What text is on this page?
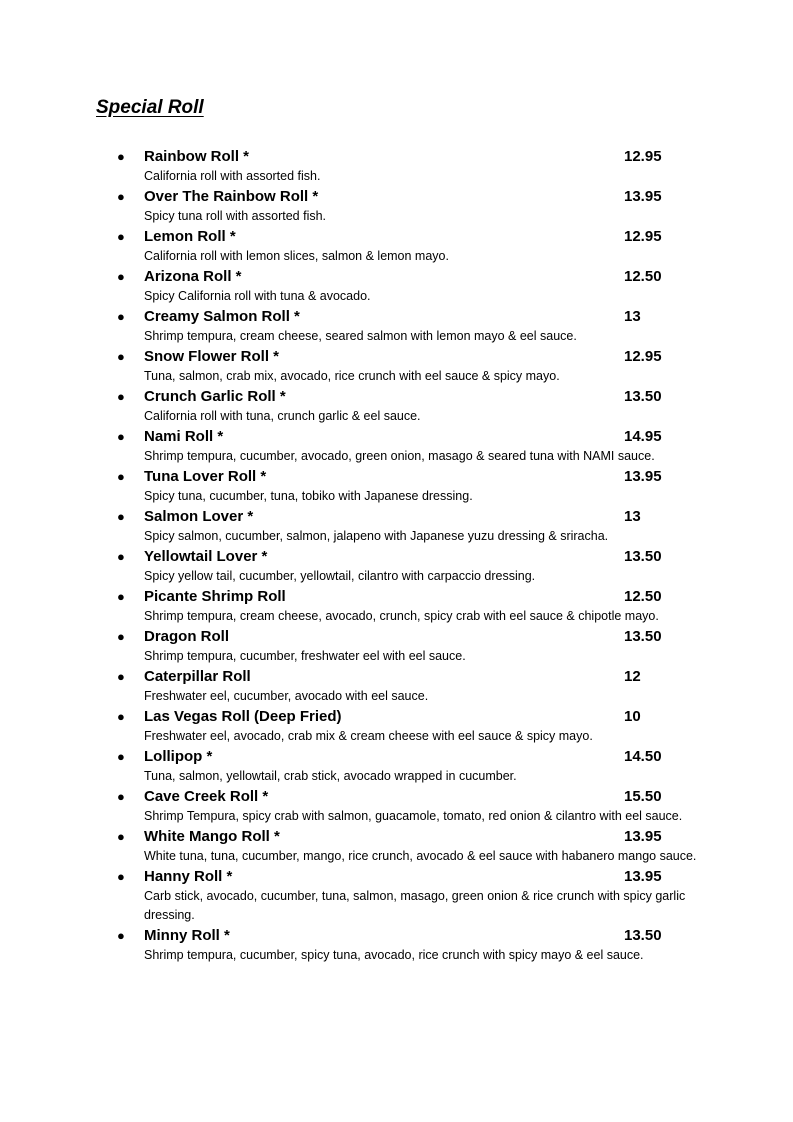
Special Roll
● Rainbow Roll *	12.95
California roll with assorted fish.
● Over The Rainbow Roll *	13.95
Spicy tuna roll with assorted fish.
● Lemon Roll *	12.95
California roll with lemon slices, salmon & lemon mayo.
● Arizona Roll *	12.50
Spicy California roll with tuna & avocado.
● Creamy Salmon Roll *	13
Shrimp tempura, cream cheese, seared salmon with lemon mayo & eel sauce.
● Snow Flower Roll *	12.95
Tuna, salmon, crab mix, avocado, rice crunch with eel sauce & spicy mayo.
● Crunch Garlic Roll *	13.50
California roll with tuna, crunch garlic & eel sauce.
● Nami Roll *	14.95
Shrimp tempura, cucumber, avocado, green onion, masago & seared tuna with NAMI sauce.
● Tuna Lover Roll *	13.95
Spicy tuna, cucumber, tuna, tobiko with Japanese dressing.
● Salmon Lover *	13
Spicy salmon, cucumber, salmon, jalapeno with Japanese yuzu dressing & sriracha.
● Yellowtail Lover *	13.50
Spicy yellow tail, cucumber, yellowtail, cilantro with carpaccio dressing.
● Picante Shrimp Roll	12.50
Shrimp tempura, cream cheese, avocado, crunch, spicy crab with eel sauce & chipotle mayo.
● Dragon Roll	13.50
Shrimp tempura, cucumber, freshwater eel with eel sauce.
● Caterpillar Roll	12
Freshwater eel, cucumber, avocado with eel sauce.
● Las Vegas Roll (Deep Fried)	10
Freshwater eel, avocado, crab mix & cream cheese with eel sauce & spicy mayo.
● Lollipop *	14.50
Tuna, salmon, yellowtail, crab stick, avocado wrapped in cucumber.
● Cave Creek Roll *	15.50
Shrimp Tempura, spicy crab with salmon, guacamole, tomato, red onion & cilantro with eel sauce.
● White Mango Roll *	13.95
White tuna, tuna, cucumber, mango, rice crunch, avocado & eel sauce with habanero mango sauce.
● Hanny Roll *	13.95
Carb stick, avocado, cucumber, tuna, salmon, masago, green onion & rice crunch with spicy garlic dressing.
● Minny Roll *	13.50
Shrimp tempura, cucumber, spicy tuna, avocado, rice crunch with spicy mayo & eel sauce.
